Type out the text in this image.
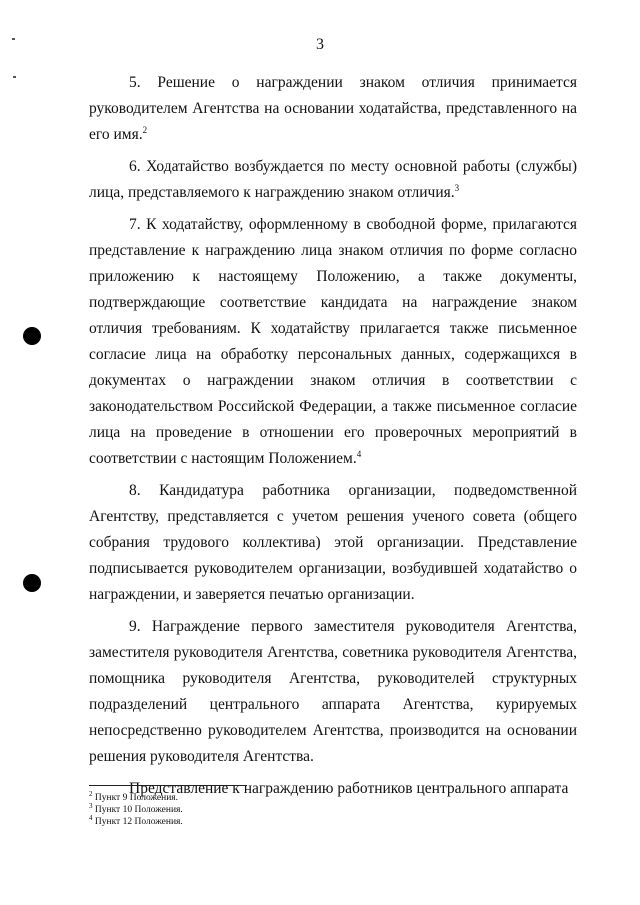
3

5. Решение о награждении знаком отличия принимается руководителем Агентства на основании ходатайства, представленного на его имя.$^2$

6. Ходатайство возбуждается по месту основной работы (службы) лица, представляемого к награждению знаком отличия.$^3$

7. К ходатайству, оформленному в свободной форме, прилагаются представление к награждению лица знаком отличия по форме согласно приложению к настоящему Положению, а также документы, подтверждающие соответствие кандидата на награждение знаком отличия требованиям. К ходатайству прилагается также письменное согласие лица на обработку персональных данных, содержащихся в документах о награждении знаком отличия в соответствии с законодательством Российской Федерации, а также письменное согласие лица на проведение в отношении его проверочных мероприятий в соответствии с настоящим Положением.$^4$

8. Кандидатура работника организации, подведомственной Агентству, представляется с учетом решения ученого совета (общего собрания трудового коллектива) этой организации. Представление подписывается руководителем организации, возбудившей ходатайство о награждении, и заверяется печатью организации.

9. Награждение первого заместителя руководителя Агентства, заместителя руководителя Агентства, советника руководителя Агентства, помощника руководителя Агентства, руководителей структурных подразделений центрального аппарата Агентства, курируемых непосредственно руководителем Агентства, производится на основании решения руководителя Агентства.

Представление к награждению работников центрального аппарата

$^2$ Пункт 9 Положения.
$^3$ Пункт 10 Положения.
$^4$ Пункт 12 Положения.
